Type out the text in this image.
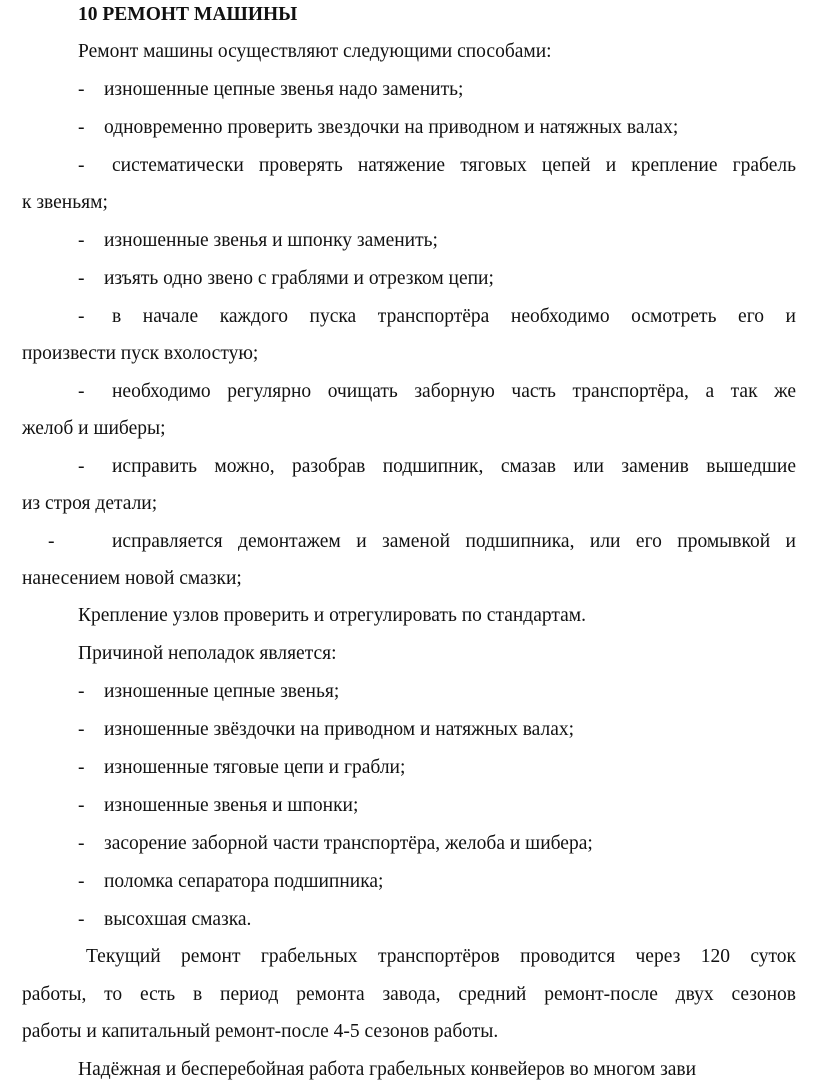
10 РЕМОНТ МАШИНЫ
Ремонт машины осуществляют следующими способами:
- изношенные цепные звенья надо заменить;
- одновременно проверить звездочки на приводном и натяжных валах;
- систематически проверять натяжение тяговых цепей и крепление грабель
к звеньям;
- изношенные звенья и шпонку заменить;
- изъять одно звено с граблями и отрезком цепи;
- в начале каждого пуска транспортёра необходимо осмотреть его и
произвести пуск вхолостую;
- необходимо регулярно очищать заборную часть транспортёра, а так же
желоб и шиберы;
- исправить можно, разобрав подшипник, смазав или заменив вышедшие
из строя детали;
-	исправляется демонтажем и заменой подшипника, или его промывкой и
нанесением новой смазки;
Крепление узлов проверить и отрегулировать по стандартам.
Причиной неполадок является:
- изношенные цепные звенья;
- изношенные звёздочки на приводном и натяжных валах;
- изношенные тяговые цепи и грабли;
- изношенные звенья и шпонки;
- засорение заборной части транспортёра, желоба и шибера;
- поломка сепаратора подшипника;
- высохшая смазка.
Текущий ремонт грабельных транспортёров проводится через 120 суток
работы, то есть в период ремонта завода, средний ремонт-после двух сезонов
работы и капитальный ремонт-после 4-5 сезонов работы.
Надёжная и бесперебойная работа грабельных конвейеров во многом зави
